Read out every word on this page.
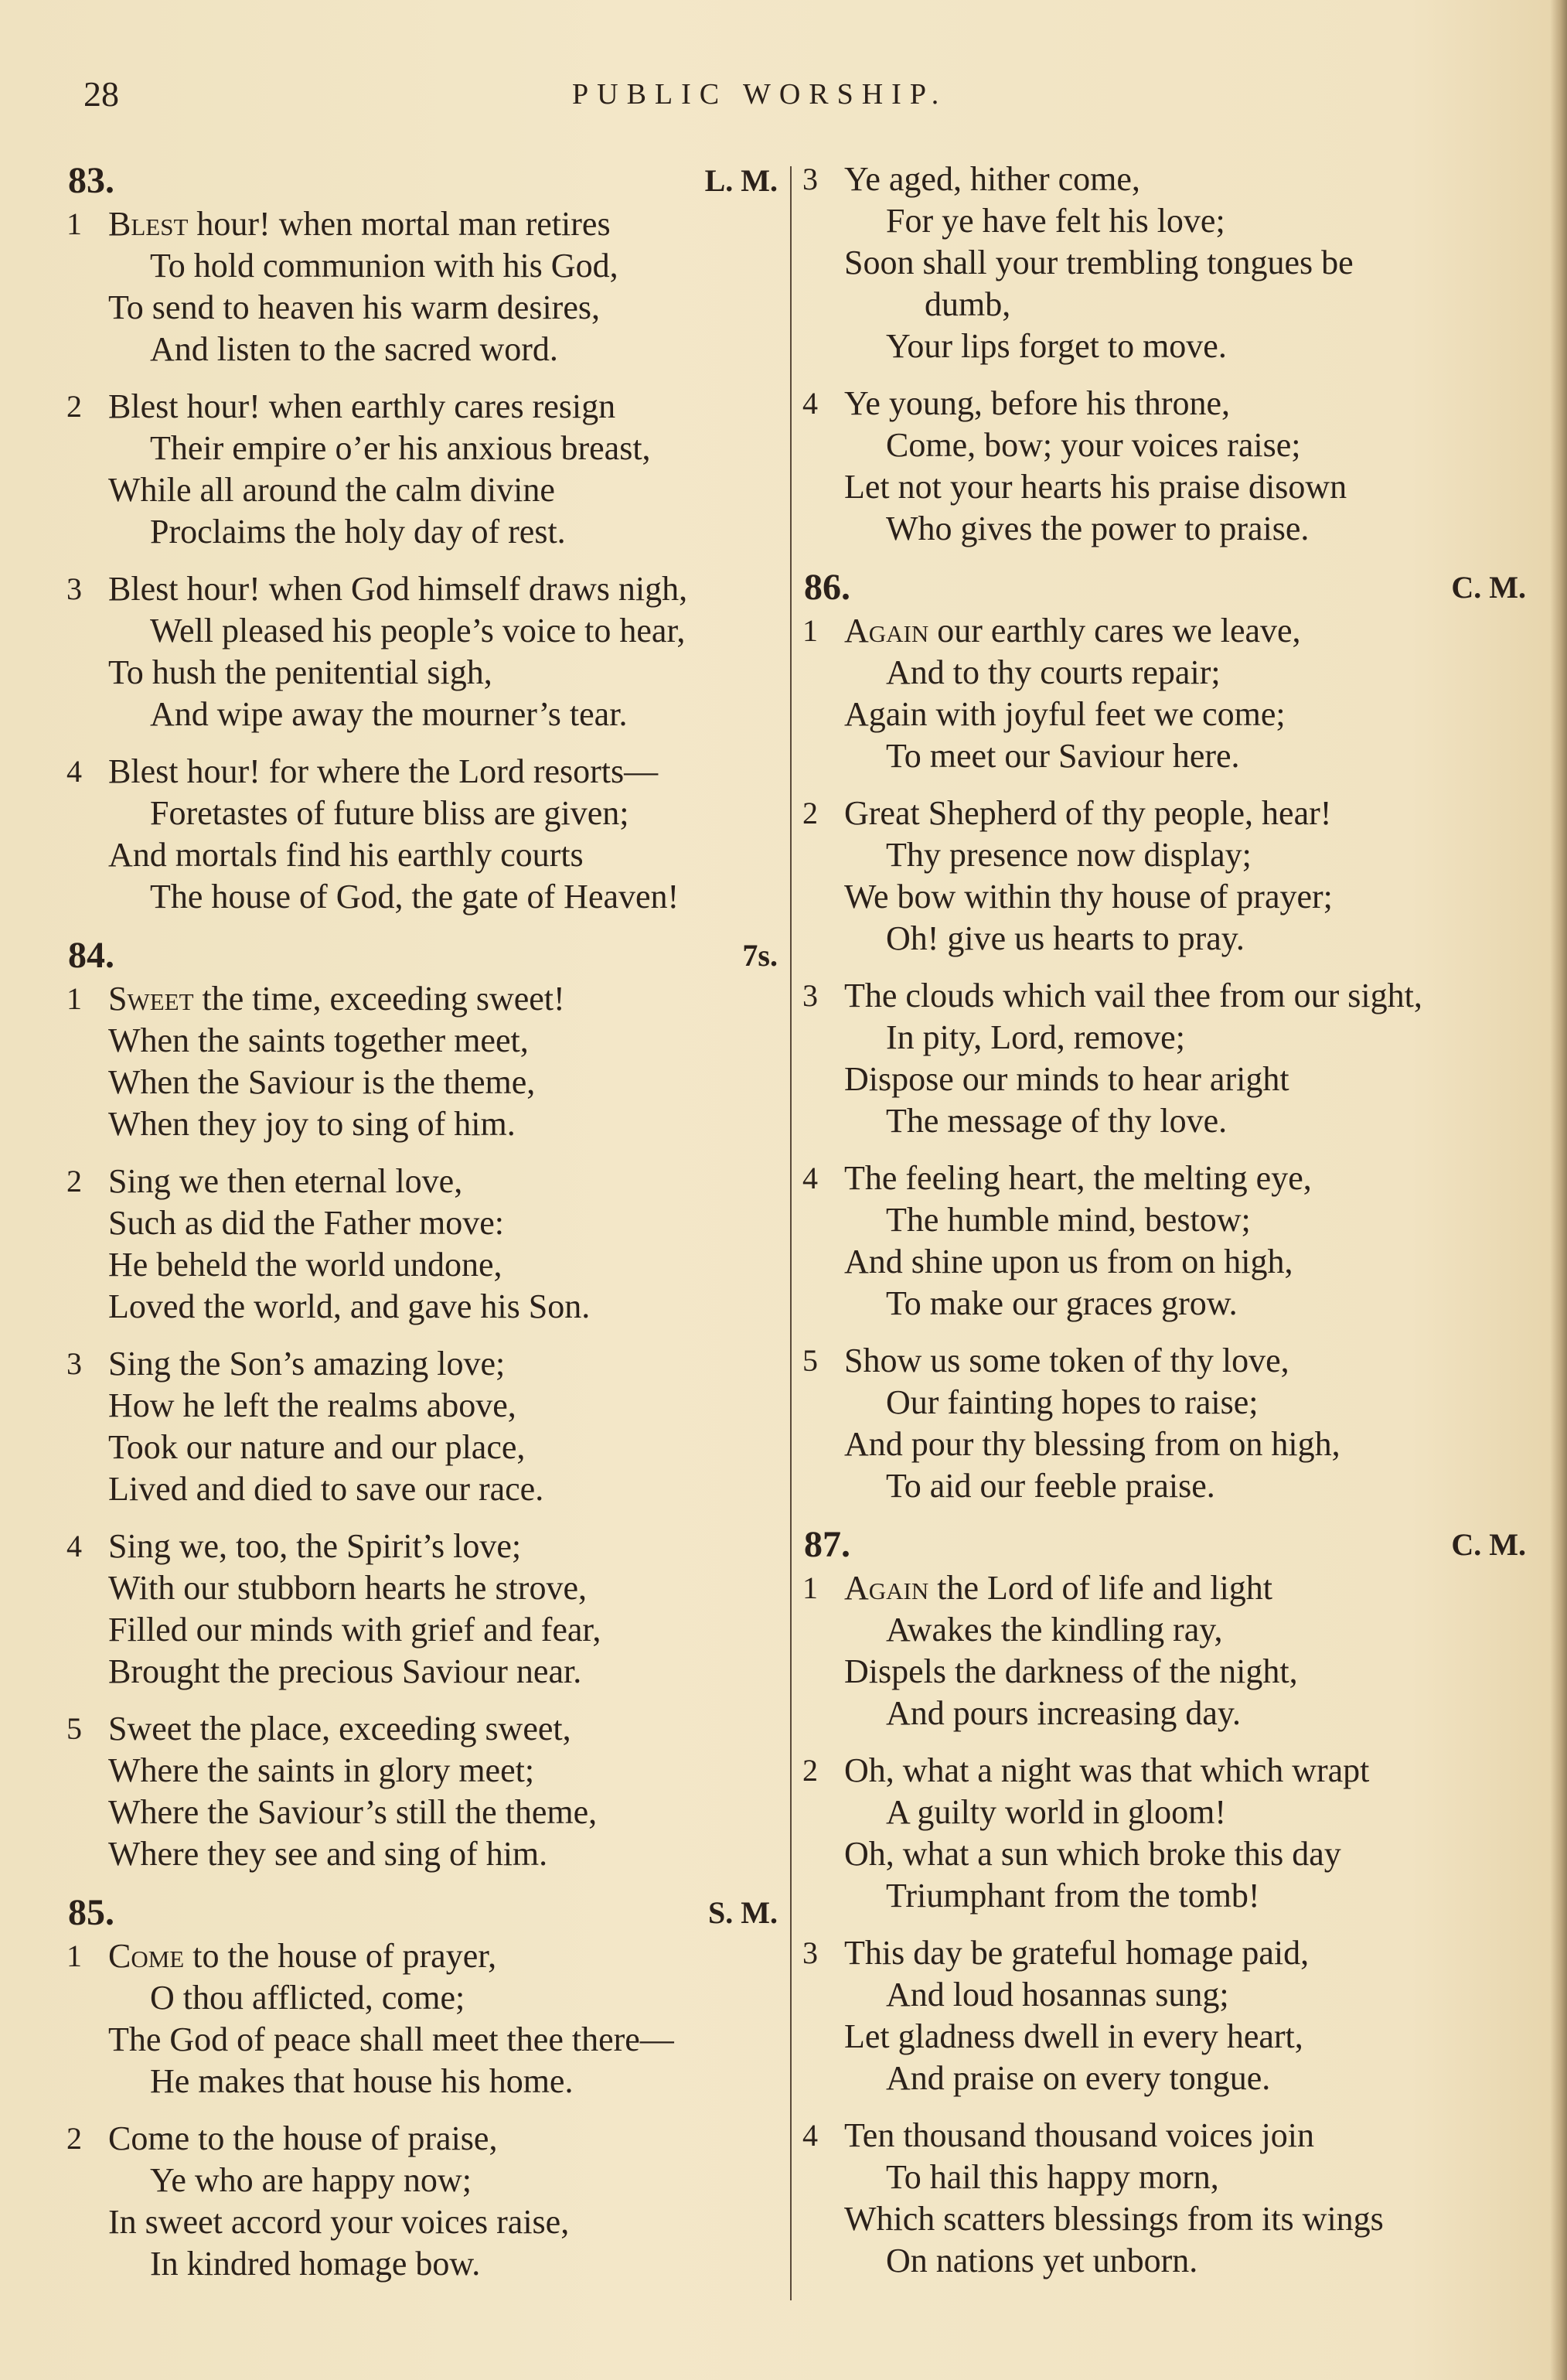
28	PUBLIC WORSHIP.
83.	L. M.
1 Blest hour! when mortal man retires
To hold communion with his God,
To send to heaven his warm desires,
And listen to the sacred word.
2 Blest hour! when earthly cares resign
Their empire o’er his anxious breast,
While all around the calm divine
Proclaims the holy day of rest.
3 Blest hour! when God himself draws nigh,
Well pleased his people’s voice to hear,
To hush the penitential sigh,
And wipe away the mourner’s tear.
4 Blest hour! for where the Lord resorts—
Foretastes of future bliss are given;
And mortals find his earthly courts
The house of God, the gate of Heaven!
84.	7s.
1 Sweet the time, exceeding sweet!
When the saints together meet,
When the Saviour is the theme,
When they joy to sing of him.
2 Sing we then eternal love,
Such as did the Father move:
He beheld the world undone,
Loved the world, and gave his Son.
3 Sing the Son’s amazing love;
How he left the realms above,
Took our nature and our place,
Lived and died to save our race.
4 Sing we, too, the Spirit’s love;
With our stubborn hearts he strove,
Filled our minds with grief and fear,
Brought the precious Saviour near.
5 Sweet the place, exceeding sweet,
Where the saints in glory meet;
Where the Saviour’s still the theme,
Where they see and sing of him.
85.	S. M.
1 Come to the house of prayer,
O thou afflicted, come;
The God of peace shall meet thee there—
He makes that house his home.
2 Come to the house of praise,
Ye who are happy now;
In sweet accord your voices raise,
In kindred homage bow.
3 Ye aged, hither come,
For ye have felt his love;
Soon shall your trembling tongues be
dumb,
Your lips forget to move.
4 Ye young, before his throne,
Come, bow; your voices raise;
Let not your hearts his praise disown
Who gives the power to praise.
86.	C. M.
1 Again our earthly cares we leave,
And to thy courts repair;
Again with joyful feet we come;
To meet our Saviour here.
2 Great Shepherd of thy people, hear!
Thy presence now display;
We bow within thy house of prayer;
Oh! give us hearts to pray.
3 The clouds which vail thee from our sight,
In pity, Lord, remove;
Dispose our minds to hear aright
The message of thy love.
4 The feeling heart, the melting eye,
The humble mind, bestow;
And shine upon us from on high,
To make our graces grow.
5 Show us some token of thy love,
Our fainting hopes to raise;
And pour thy blessing from on high,
To aid our feeble praise.
87.	C. M.
1 Again the Lord of life and light
Awakes the kindling ray,
Dispels the darkness of the night,
And pours increasing day.
2 Oh, what a night was that which wrapt
A guilty world in gloom!
Oh, what a sun which broke this day
Triumphant from the tomb!
3 This day be grateful homage paid,
And loud hosannas sung;
Let gladness dwell in every heart,
And praise on every tongue.
4 Ten thousand thousand voices join
To hail this happy morn,
Which scatters blessings from its wings
On nations yet unborn.
